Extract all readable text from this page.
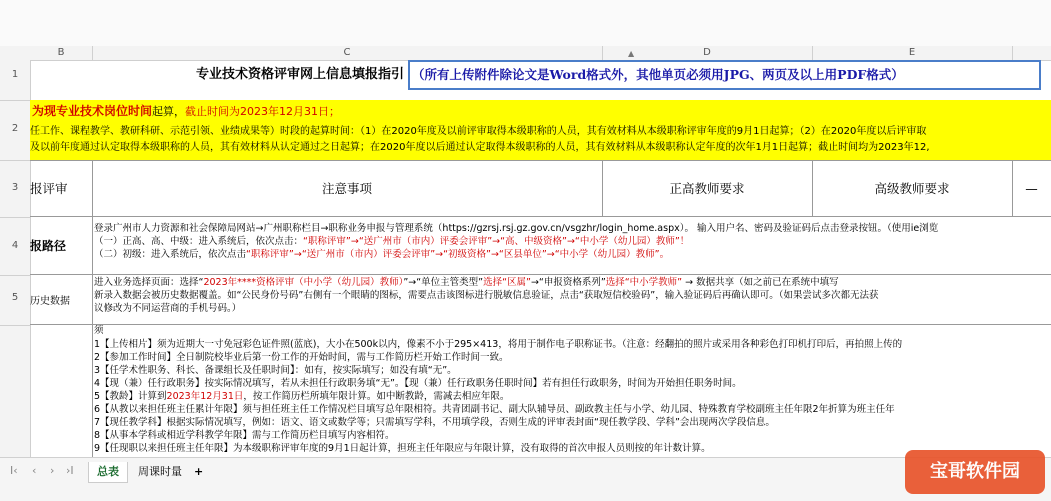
B	C	D	E
▲
1
2
3
4
5
专业技术资格评审网上信息填报指引 （所有上传附件除论文是Word格式外，其他单页必须用JPG、两页及以上用PDF格式）
为现专业技术岗位时间起算，截止时间为2023年12月31日；
任工作、课程教学、教研科研、示范引领、业绩成果等）时段的起算时间：（1）在2020年度及以前评审取得本级职称的人员，其有效材料从本级职称评审年度的9月1日起算；（2）在2020年度以后评审取
及以前年度通过认定取得本级职称的人员，其有效材料从认定通过之日起算；在2020年度以后通过认定取得本级职称的人员，其有效材料从本级职称认定年度的次年1月1日起算；截止时间均为2023年12,
报评审	注意事项	正高教师要求	高级教师要求	—
报路径
登录广州市人力资源和社会保障局网站→广州职称栏目→职称业务申报与管理系统（https://gzrsj.rsj.gz.gov.cn/vsgzhr/login_home.aspx）。 输入用户名、密码及验证码后点击登录按钮。（使用ie浏览
（一）正高、高、中级：进入系统后，依次点击：“职称评审”→“送广州市（市内）评委会评审”→“高、中级资格”→“中小学（幼儿园）教师”！
（二）初级：进入系统后，依次点击“职称评审”→“送广州市（市内）评委会评审”→“初级资格”→“区县单位”→“中小学（幼儿园）教师”。
历史数据
进入业务选择页面：选择“2023年****资格评审（中小学（幼儿园）教师）”→“单位主管类型”选择“区属”→“申报资格系列”选择“中小学教师” → 数据共享（如之前已在系统中填写
新录入数据会被历史数据覆盖。如“公民身份号码”右侧有一个眼睛的图标，需要点击该图标进行脱敏信息验证，点击“获取短信校验码”，输入验证码后再确认即可。（如果尝试多次都无法获
议修改为不同运营商的手机号码。）
须
1【上传相片】须为近期大一寸免冠彩色证件照(蓝底)，大小在500k以内，像素不小于295×413，将用于制作电子职称证书。（注意：经翻拍的照片或采用各种彩色打印机打印后，再拍照上传的
2【参加工作时间】全日制院校毕业后第一份工作的开始时间，需与工作简历栏开始工作时间一致。
3【任学术性职务、科长、备课组长及任职时间】：如有，按实际填写；如没有填“无”。
4【现（兼）任行政职务】按实际情况填写，若从未担任行政职务填“无”。【现（兼）任行政职务任职时间】若有担任行政职务，时间为开始担任职务时间。
5【教龄】计算到2023年12月31日，按工作简历栏所填年限计算。如中断教龄，需减去相应年限。
6【从教以来担任班主任累计年限】须与担任班主任工作情况栏目填写总年限相符。共青团副书记、副大队辅导员、副政教主任与小学、幼儿园、特殊教育学校副班主任年限2年折算为班主任年
7【现任教学科】根据实际情况填写，例如：语文、语文或数学等；只需填写学科，不用填学段，否则生成的评审表封面“现任教学段、学科”会出现两次学段信息。
8【从事本学科或相近学科教学年限】需与工作简历栏目填写内容相符。
9【任现职以来担任班主任年限】为本级职称评审年度的9月1日起计算，担班主任年限应与年限计算，没有取得的首次申报人员则按的年计数计算。
I‹ ‹ › ›I	总表	周课时量	+	宝哥软件园
